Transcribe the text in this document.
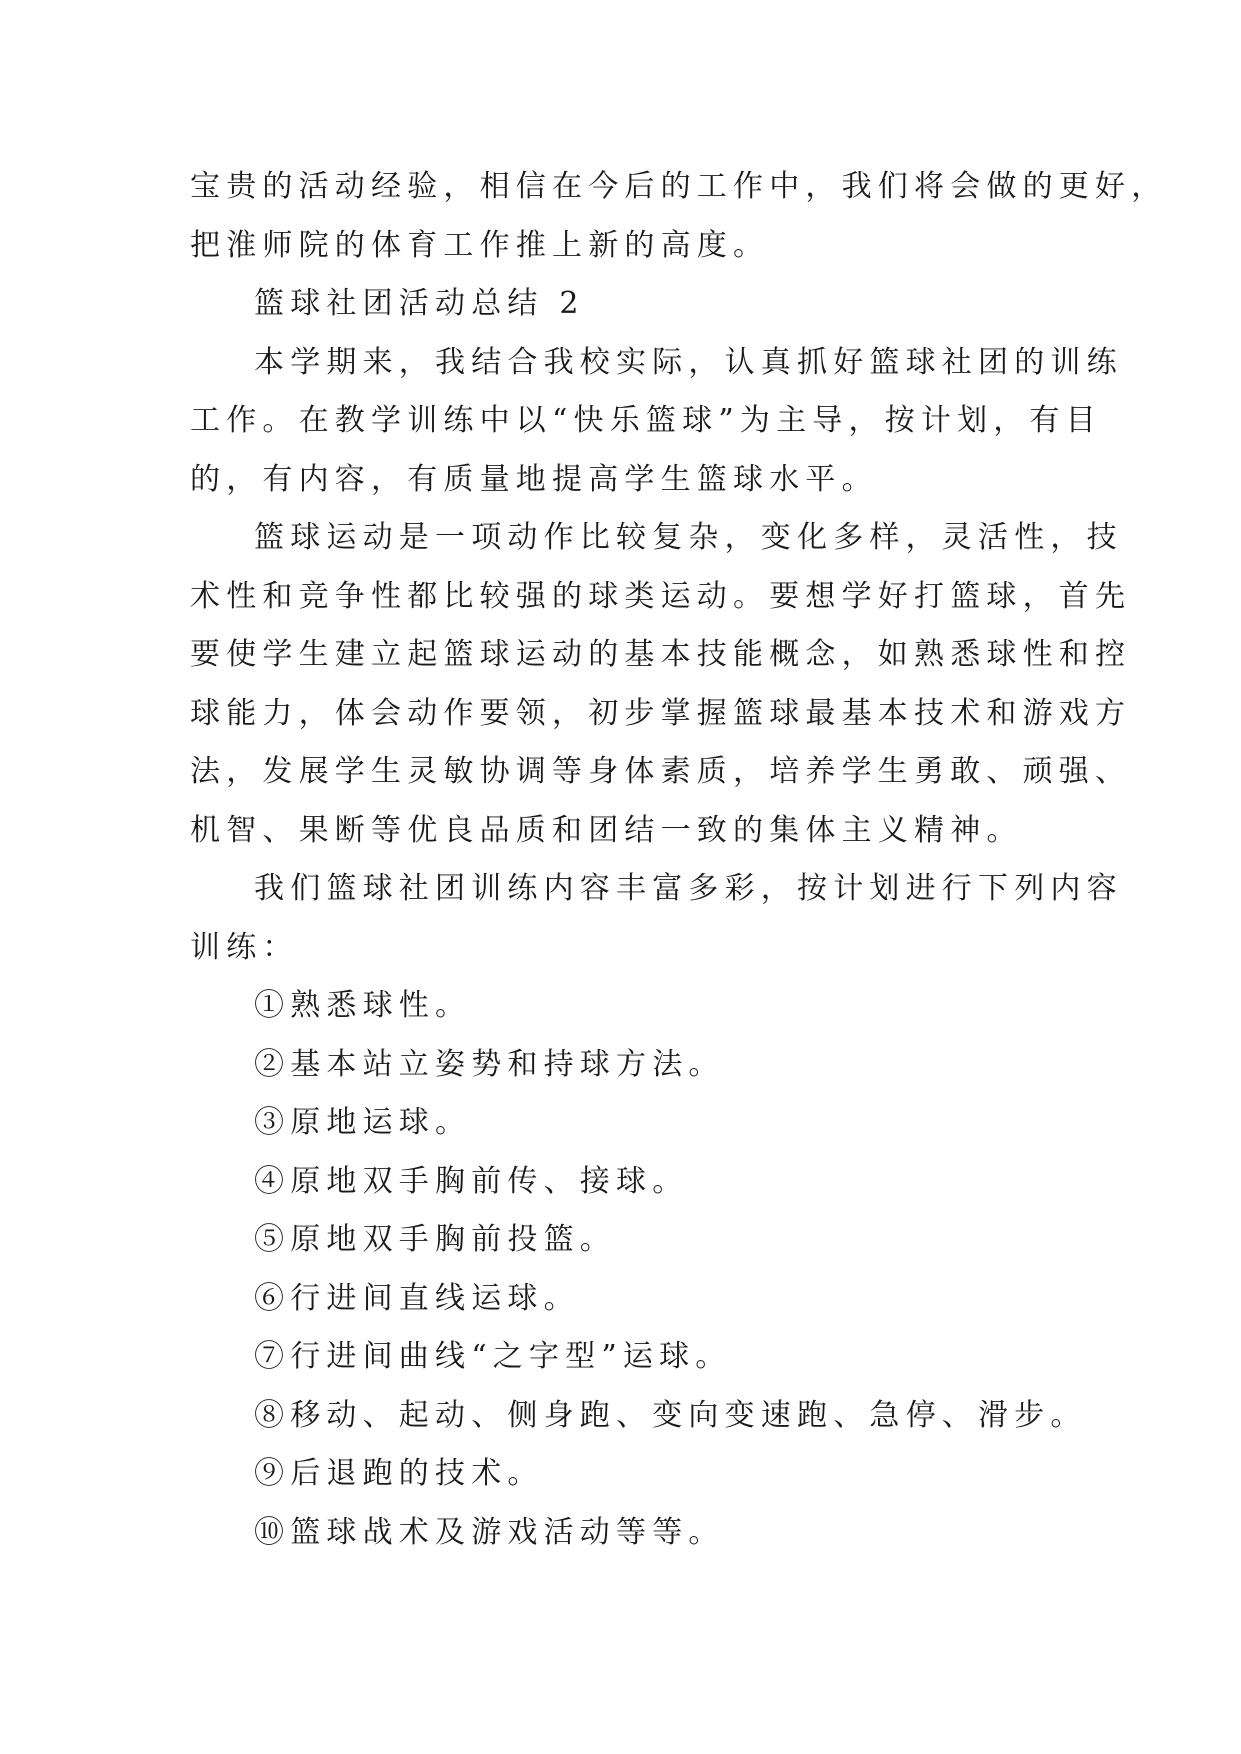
宝贵的活动经验，相信在今后的工作中，我们将会做的更好，
把淮师院的体育工作推上新的高度。
篮球社团活动总结 2
本学期来，我结合我校实际，认真抓好篮球社团的训练
工作。在教学训练中以“快乐篮球”为主导，按计划，有目
的，有内容，有质量地提高学生篮球水平。
篮球运动是一项动作比较复杂，变化多样，灵活性，技
术性和竞争性都比较强的球类运动。要想学好打篮球，首先
要使学生建立起篮球运动的基本技能概念，如熟悉球性和控
球能力，体会动作要领，初步掌握篮球最基本技术和游戏方
法，发展学生灵敏协调等身体素质，培养学生勇敢、顽强、
机智、果断等优良品质和团结一致的集体主义精神。
我们篮球社团训练内容丰富多彩，按计划进行下列内容
训练：
①熟悉球性。
②基本站立姿势和持球方法。
③原地运球。
④原地双手胸前传、接球。
⑤原地双手胸前投篮。
⑥行进间直线运球。
⑦行进间曲线“之字型”运球。
⑧移动、起动、侧身跑、变向变速跑、急停、滑步。
⑨后退跑的技术。
⑩篮球战术及游戏活动等等。
